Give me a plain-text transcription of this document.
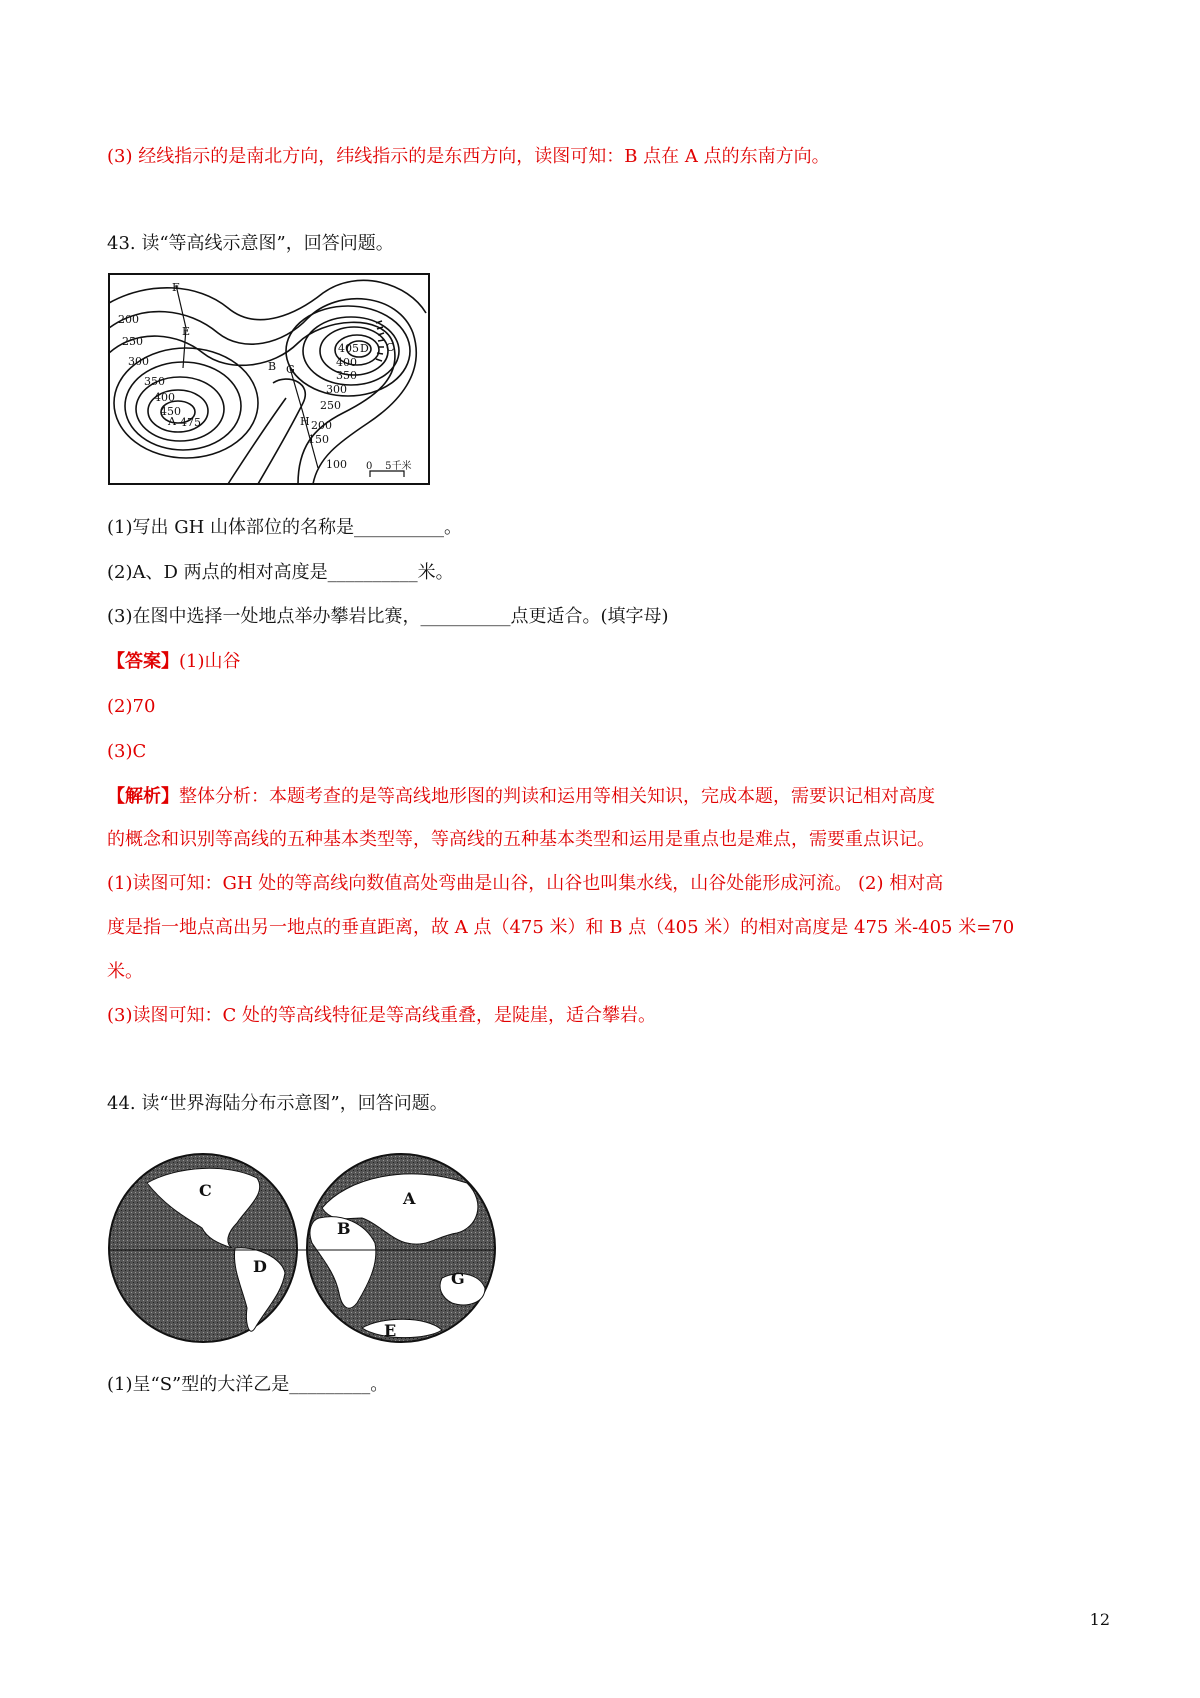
(3) 经线指示的是南北方向，纬线指示的是东西方向，读图可知：B 点在 A 点的东南方向。
43. 读“等高线示意图”，回答问题。
200
250
300
350
400
450
475
405
400
350
300
250
200
150
100
F
E
A
B
C
D
G
H
0    5千米
(1)写出 GH 山体部位的名称是__________。
(2)A、D 两点的相对高度是__________米。
(3)在图中选择一处地点举办攀岩比赛，__________点更适合。(填字母)
【答案】(1)山谷
(2)70
(3)C
【解析】整体分析：本题考查的是等高线地形图的判读和运用等相关知识，完成本题，需要识记相对高度
的概念和识别等高线的五种基本类型等，等高线的五种基本类型和运用是重点也是难点，需要重点识记。
(1)读图可知：GH 处的等高线向数值高处弯曲是山谷，山谷也叫集水线，山谷处能形成河流。 (2) 相对高
度是指一地点高出另一地点的垂直距离，故 A 点（475 米）和 B 点（405 米）的相对高度是 475 米-405 米=70
米。
(3)读图可知：C 处的等高线特征是等高线重叠，是陡崖，适合攀岩。
44. 读“世界海陆分布示意图”，回答问题。
C
D
A
B
G
E
(1)呈“S”型的大洋乙是_________。
12
